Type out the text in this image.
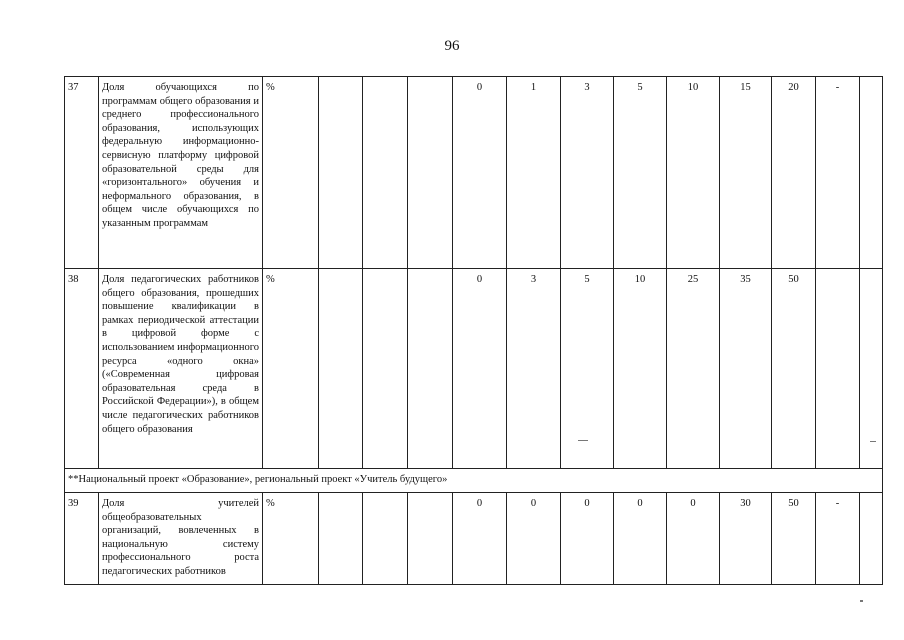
96
37	Доля обучающихся по программам общего образования и среднего профессионального образования, использующих федеральную информационно-сервисную платформу цифровой образовательной среды для «горизонтального» обучения и неформального образования, в общем числе обучающихся по указанным программам	%				0	1	3	5	10	15	20	-	
38	Доля педагогических работников общего образования, прошедших повышение квалификации в рамках периодической аттестации в цифровой форме с использованием информационного ресурса «одного окна» («Современная цифровая образовательная среда в Российской Федерации»), в общем числе педагогических работников общего образования	%				0	3	5	10	25	35	50		
**Национальный проект «Образование», региональный проект «Учитель будущего»														
39	Доля учителей общеобразовательных организаций, вовлеченных в национальную систему профессионального роста педагогических работников	%				0	0	0	0	0	30	50	-	
